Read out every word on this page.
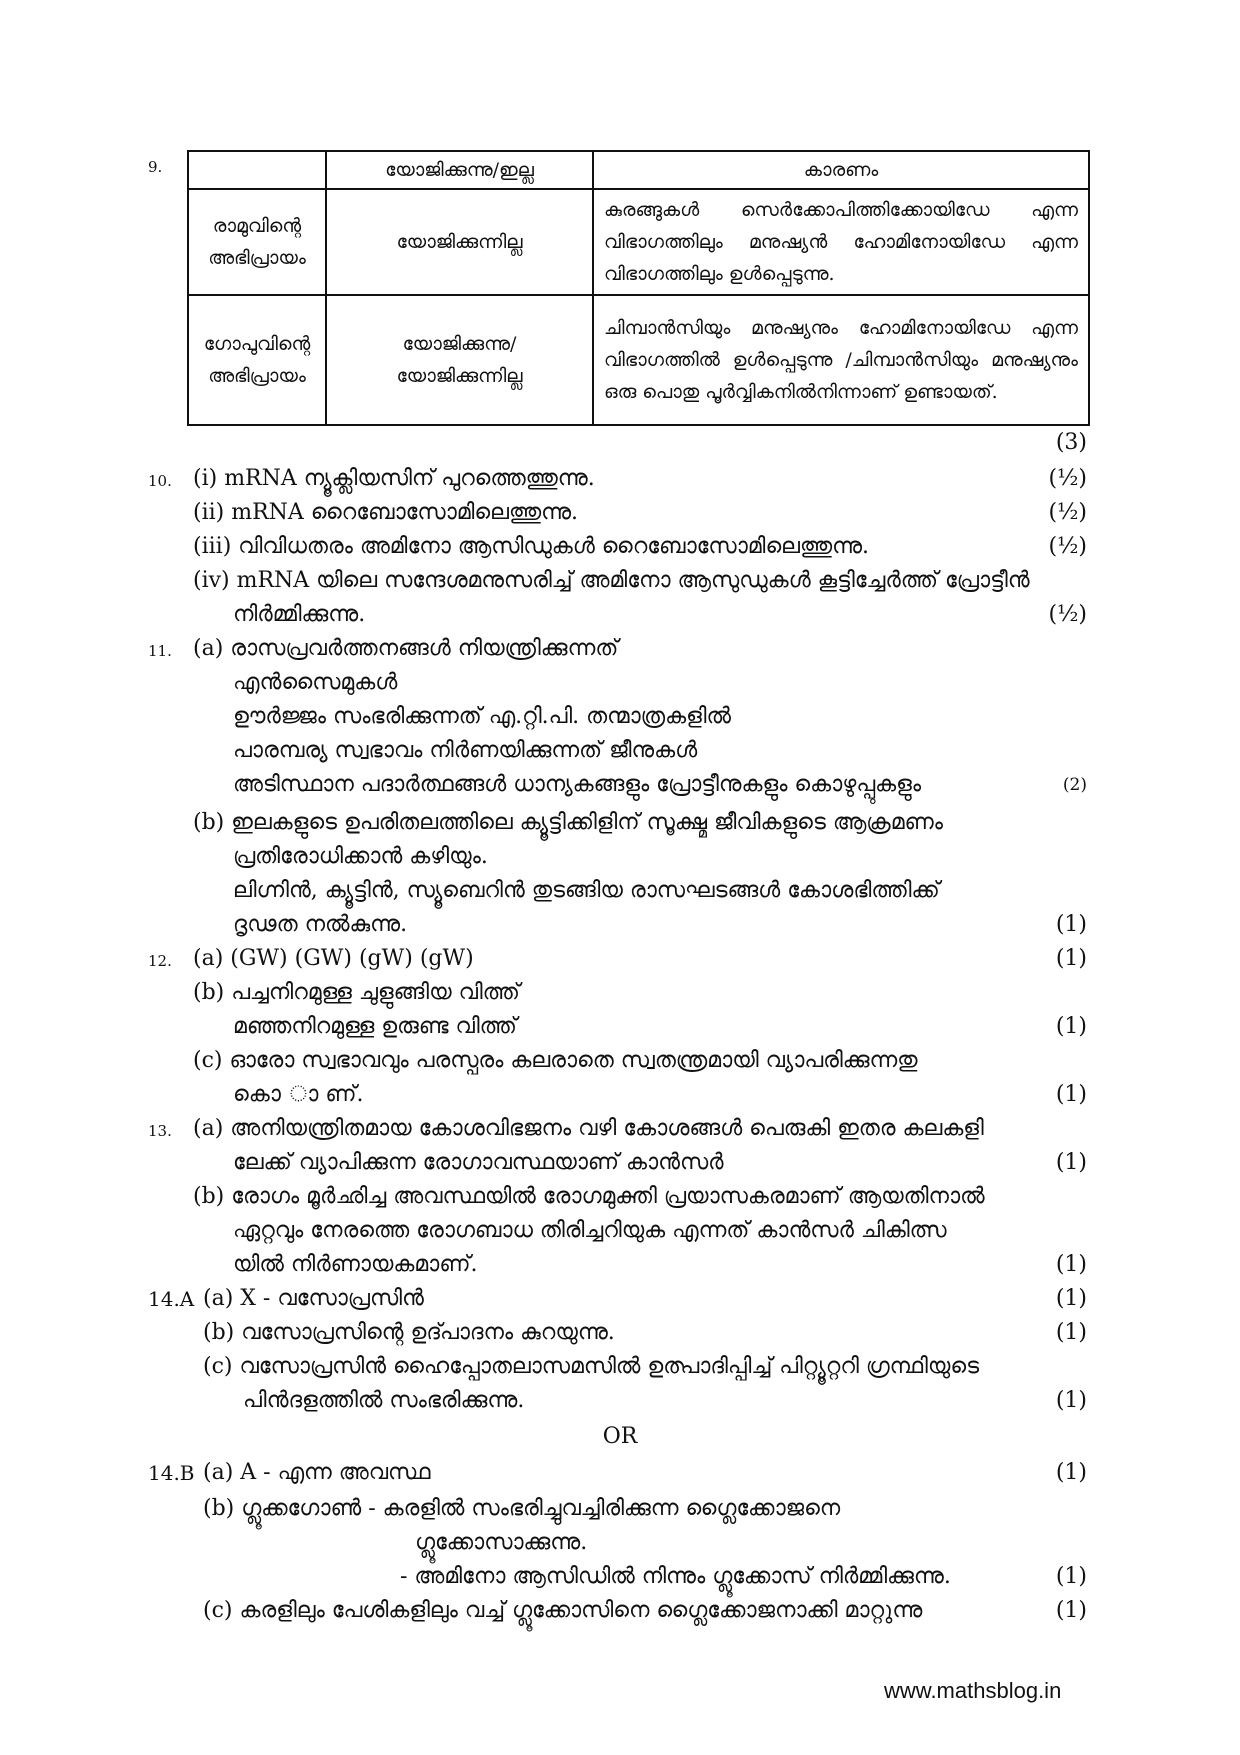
9.
		യോജിക്കുന്നു/ഇല്ല	കാരണം
രാമുവിന്റെ അഭിപ്രായം	യോജിക്കുന്നില്ല	കുരങ്ങുകൾ സെർക്കോപിത്തിക്കോയിഡേ എന്ന വിഭാഗത്തിലും മനുഷ്യൻ ഹോമിനോയിഡേ എന്ന വിഭാഗത്തിലും ഉൾപ്പെടുന്നു.
ഗോപുവിന്റെ അഭിപ്രായം	യോജിക്കുന്നു/ യോജിക്കുന്നില്ല	ചിമ്പാൻസിയും മനുഷ്യനും ഹോമിനോയിഡേ എന്ന വിഭാഗത്തിൽ ഉൾപ്പെടുന്നു /ചിമ്പാൻസിയും മനുഷ്യനും ഒരു പൊതു പൂർവ്വികനിൽനിന്നാണ് ഉണ്ടായത്.
(3)
10. (i) mRNA ന്യൂക്ലിയസിന് പുറത്തെത്തുന്നു.	(½)
(ii) mRNA റൈബോസോമിലെത്തുന്നു.	(½)
(iii) വിവിധതരം അമിനോ ആസിഡുകൾ റൈബോസോമിലെത്തുന്നു.	(½)
(iv) mRNA യിലെ സന്ദേശമനുസരിച്ച് അമിനോ ആസുഡുകൾ കൂട്ടിച്ചേർത്ത് പ്രോട്ടീൻ
നിർമ്മിക്കുന്നു.	(½)
11. (a) രാസപ്രവർത്തനങ്ങൾ നിയന്ത്രിക്കുന്നത്
എൻസൈമുകൾ
ഊർജ്ജം സംഭരിക്കുന്നത് എ.റ്റി.പി. തന്മാത്രകളിൽ
പാരമ്പര്യ സ്വഭാവം നിർണയിക്കുന്നത് ജീനുകൾ
അടിസ്ഥാന പദാർത്ഥങ്ങൾ ധാന്യകങ്ങളും പ്രോട്ടീനുകളും കൊഴുപ്പുകളും	(2)
(b) ഇലകളുടെ ഉപരിതലത്തിലെ ക്യൂട്ടിക്കിളിന് സൂക്ഷ്മ ജീവികളുടെ ആക്രമണം
പ്രതിരോധിക്കാൻ കഴിയും.
ലിഗ്നിൻ, ക്യൂട്ടിൻ, സ്യൂബെറിൻ തുടങ്ങിയ രാസഘടങ്ങൾ കോശഭിത്തിക്ക്
ദൃഢത നൽകുന്നു.	(1)
12. (a) (GW) (GW) (gW) (gW)	(1)
(b) പച്ചനിറമുള്ള ചുളുങ്ങിയ വിത്ത്
മഞ്ഞനിറമുള്ള ഉരുണ്ട വിത്ത്	(1)
(c) ഓരോ സ്വഭാവവും പരസ്പരം കലരാതെ സ്വതന്ത്രമായി വ്യാപരിക്കുന്നതു
കൊ ാ ണ്.	(1)
13. (a) അനിയന്ത്രിതമായ കോശവിഭജനം വഴി കോശങ്ങൾ പെരുകി ഇതര കലകളി
ലേക്ക് വ്യാപിക്കുന്ന രോഗാവസ്ഥയാണ് കാൻസർ	(1)
(b) രോഗം മൂർഛിച്ച അവസ്ഥയിൽ രോഗമുക്തി പ്രയാസകരമാണ് ആയതിനാൽ
ഏറ്റവും നേരത്തെ രോഗബാധ തിരിച്ചറിയുക എന്നത് കാൻസർ ചികിത്സ
യിൽ നിർണായകമാണ്.	(1)
14.A (a) X - വസോപ്രസിൻ	(1)
(b) വസോപ്രസിന്റെ ഉദ്പാദനം കുറയുന്നു.	(1)
(c) വസോപ്രസിൻ ഹൈപ്പോതലാസമസിൽ ഉത്പാദിപ്പിച്ച് പിറ്റ്യൂറ്ററി ഗ്രന്ഥിയുടെ
പിൻദളത്തിൽ സംഭരിക്കുന്നു.	(1)
OR
14.B (a) A - എന്ന അവസ്ഥ	(1)
(b) ഗ്ലൂക്കഗോൺ - കരളിൽ സംഭരിച്ചുവച്ചിരിക്കുന്ന ഗ്ലൈക്കോജനെ
ഗ്ലൂക്കോസാക്കുന്നു.
- അമിനോ ആസിഡിൽ നിന്നും ഗ്ലൂക്കോസ് നിർമ്മിക്കുന്നു.	(1)
(c) കരളിലും പേശികളിലും വച്ച് ഗ്ലൂക്കോസിനെ ഗ്ലൈക്കോജനാക്കി മാറ്റുന്നു	(1)
www.mathsblog.in
